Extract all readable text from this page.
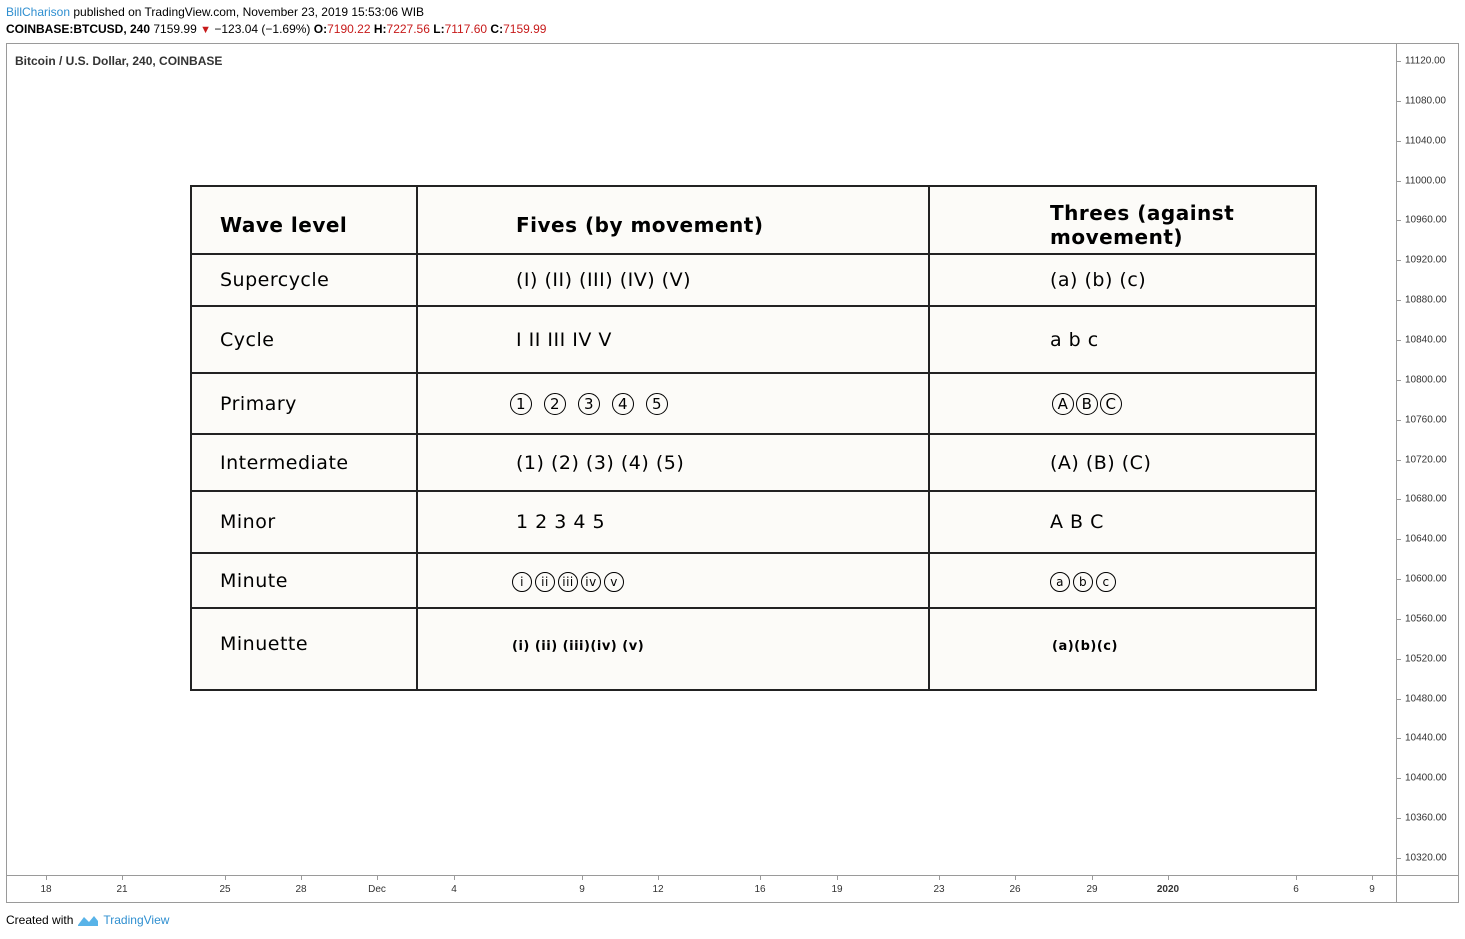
BillCharison published on TradingView.com, November 23, 2019 15:53:06 WIB
COINBASE:BTCUSD, 240 7159.99 ▼ −123.04 (−1.69%) O:7190.22 H:7227.56 L:7117.60 C:7159.99
Bitcoin / U.S. Dollar, 240, COINBASE	11120.00
11080.00
11040.00
11000.00
10960.00
10920.00
10880.00
10840.00
10800.00
10760.00
10720.00
10680.00
10640.00
10600.00
10560.00
10520.00
10480.00
10440.00
10400.00
10360.00
10320.00
18	21	25	28	Dec	4	9	12	16	19	23	26	29	2020	6	9
Wave level	Fives (by movement)	Threes (against movement)
Supercycle	(I) (II) (III) (IV) (V)	(a) (b) (c)
Cycle	I II III IV V	a b c
Primary	1 2 3 4 5	A B C
Intermediate	(1) (2) (3) (4) (5)	(A) (B) (C)
Minor	1 2 3 4 5	A B C
Minute	i ii iii iv v	a b c
Minuette	(i) (ii) (iii)(iv) (v)	(a)(b)(c)
Created with	TradingView
